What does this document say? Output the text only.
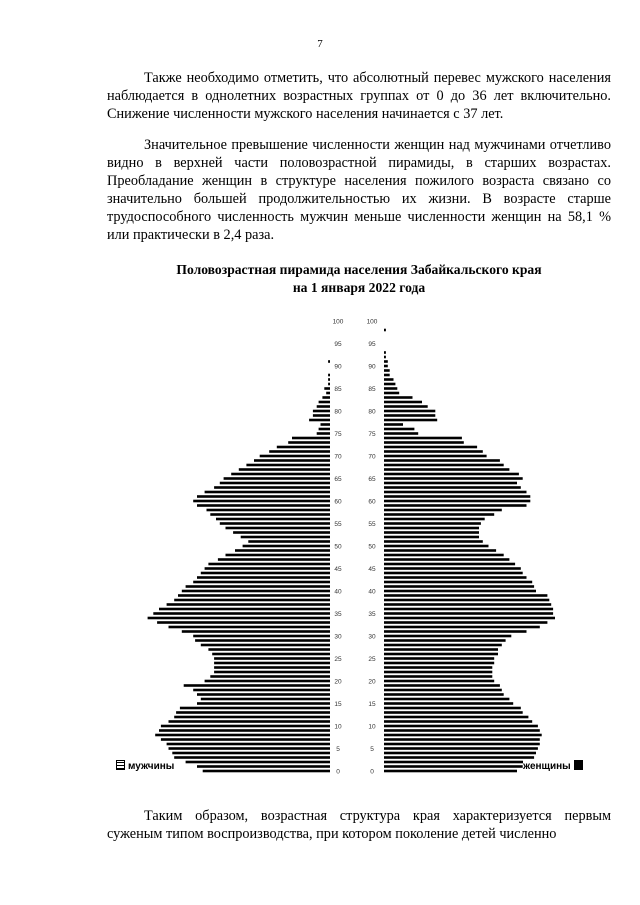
7

Также необходимо отметить, что абсолютный перевес мужского населения наблюдается в однолетних возрастных группах от 0 до 36 лет включительно. Снижение численности мужского населения начинается с 37 лет.

Значительное превышение численности женщин над мужчинами отчетливо видно в верхней части половозрастной пирамиды, в старших возрастах. Преобладание женщин в структуре населения пожилого возраста связано со значительно большей продолжительностью их жизни. В возрасте старше трудоспособного численность мужчин меньше численности женщин на 58,1 % или практически в 2,4 раза.

Половозрастная пирамида населения Забайкальского края
на 1 января 2022 года
0	0
5	5
10	10
15	15
20	20
25	25
30	30
35	35
40	40
45	45
50	50
55	55
60	60
65	65
70	70
75	75
80	80
85	85
90	90
95	95
100	100
мужчины	женщины

Таким образом, возрастная структура края характеризуется первым суженым типом воспроизводства, при котором поколение детей численно
